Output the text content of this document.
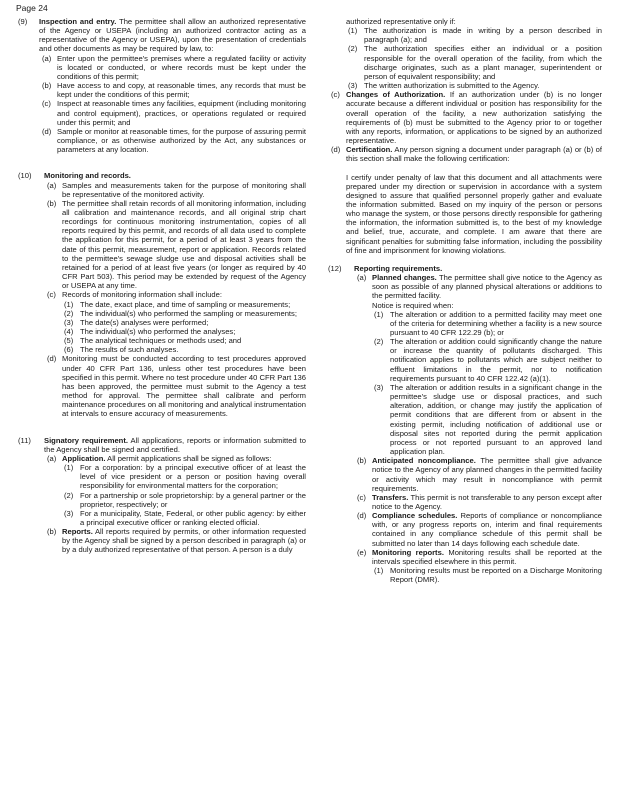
Page 24
(9) Inspection and entry. The permittee shall allow an authorized representative of the Agency or USEPA (including an authorized contractor acting as a representative of the Agency or USEPA), upon the presentation of credentials and other documents as may be required by law, to:

(a) Enter upon the permittee's premises where a regulated facility or activity is located or conducted, or where records must be kept under the conditions of this permit;
(b) Have access to and copy, at reasonable times, any records that must be kept under the conditions of this permit;
(c) Inspect at reasonable times any facilities, equipment (including monitoring and control equipment), practices, or operations regulated or required under this permit; and
(d) Sample or monitor at reasonable times, for the purpose of assuring permit compliance, or as otherwise authorized by the Act, any substances or parameters at any location.
(10) Monitoring and records.

(a) Samples and measurements taken for the purpose of monitoring shall be representative of the monitored activity.
(b) The permittee shall retain records of all monitoring information, including all calibration and maintenance records, and all original strip chart recordings for continuous monitoring instrumentation, copies of all reports required by this permit, and records of all data used to complete the application for this permit, for a period of at least 3 years from the date of this permit, measurement, report or application. Records related to the permittee's sewage sludge use and disposal activities shall be retained for a period of at least five years (or longer as required by 40 CFR Part 503). This period may be extended by request of the Agency or USEPA at any time.
(c) Records of monitoring information shall include:
(1) The date, exact place, and time of sampling or measurements;
(2) The individual(s) who performed the sampling or measurements;
(3) The date(s) analyses were performed;
(4) The individual(s) who performed the analyses;
(5) The analytical techniques or methods used; and
(6) The results of such analyses.
(d) Monitoring must be conducted according to test procedures approved under 40 CFR Part 136, unless other test procedures have been specified in this permit. Where no test procedure under 40 CFR Part 136 has been approved, the permittee must submit to the Agency a test method for approval. The permittee shall calibrate and perform maintenance procedures on all monitoring and analytical instrumentation at intervals to ensure accuracy of measurements.
(11) Signatory requirement. All applications, reports or information submitted to the Agency shall be signed and certified.

(a) Application. All permit applications shall be signed as follows:
(1) For a corporation: by a principal executive officer of at least the level of vice president or a person or position having overall responsibility for environmental matters for the corporation;
(2) For a partnership or sole proprietorship: by a general partner or the proprietor, respectively; or
(3) For a municipality, State, Federal, or other public agency: by either a principal executive officer or ranking elected official.
(b) Reports. All reports required by permits, or other information requested by the Agency shall be signed by a person described in paragraph (a) or by a duly authorized representative of that person. A person is a duly
authorized representative only if:
(1) The authorization is made in writing by a person described in paragraph (a); and
(2) The authorization specifies either an individual or a position responsible for the overall operation of the facility, from which the discharge originates, such as a plant manager, superintendent or person of equivalent responsibility; and
(3) The written authorization is submitted to the Agency.
(c) Changes of Authorization. If an authorization under (b) is no longer accurate because a different individual or position has responsibility for the overall operation of the facility, a new authorization satisfying the requirements of (b) must be submitted to the Agency prior to or together with any reports, information, or applications to be signed by an authorized representative.
(d) Certification. Any person signing a document under paragraph (a) or (b) of this section shall make the following certification:

I certify under penalty of law that this document and all attachments were prepared under my direction or supervision in accordance with a system designed to assure that qualified personnel properly gather and evaluate the information submitted. Based on my inquiry of the person or persons who manage the system, or those persons directly responsible for gathering the information, the information submitted is, to the best of my knowledge and belief, true, accurate, and complete. I am aware that there are significant penalties for submitting false information, including the possibility of fine and imprisonment for knowing violations.

(12) Reporting requirements.

(a) Planned changes. The permittee shall give notice to the Agency as soon as possible of any planned physical alterations or additions to the permitted facility.

Notice is required when:

(1) The alteration or addition to a permitted facility may meet one of the criteria for determining whether a facility is a new source pursuant to 40 CFR 122.29 (b); or
(2) The alteration or addition could significantly change the nature or increase the quantity of pollutants discharged. This notification applies to pollutants which are subject neither to effluent limitations in the permit, nor to notification requirements pursuant to 40 CFR 122.42 (a)(1).
(3) The alteration or addition results in a significant change in the permittee's sludge use or disposal practices, and such alteration, addition, or change may justify the application of permit conditions that are different from or absent in the existing permit, including notification of additional use or disposal sites not reported during the permit application process or not reported pursuant to an approved land application plan.
(b) Anticipated noncompliance. The permittee shall give advance notice to the Agency of any planned changes in the permitted facility or activity which may result in noncompliance with permit requirements.
(c) Transfers. This permit is not transferable to any person except after notice to the Agency.
(d) Compliance schedules. Reports of compliance or noncompliance with, or any progress reports on, interim and final requirements contained in any compliance schedule of this permit shall be submitted no later than 14 days following each schedule date.
(e) Monitoring reports. Monitoring results shall be reported at the intervals specified elsewhere in this permit.
(1) Monitoring results must be reported on a Discharge Monitoring Report (DMR).
